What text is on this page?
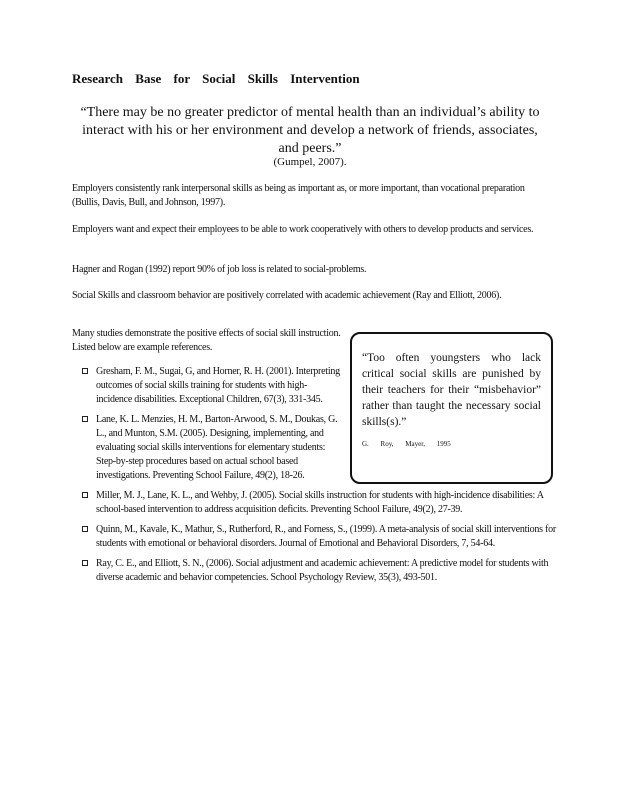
Research Base for Social Skills Intervention
“There may be no greater predictor of mental health than an individual’s ability to interact with his or her environment and develop a network of friends, associates, and peers.”
(Gumpel, 2007).
Employers consistently rank interpersonal skills as being as important as, or more important, than vocational preparation (Bullis, Davis, Bull, and Johnson, 1997).
Employers want and expect their employees to be able to work cooperatively with others to develop products and services.
Hagner and Rogan (1992) report 90% of job loss is related to social-problems.
Social Skills and classroom behavior are positively correlated with academic achievement (Ray and Elliott, 2006).
Many studies demonstrate the positive effects of social skill instruction. Listed below are example references.
Gresham, F. M., Sugai, G, and Horner, R. H. (2001). Interpreting outcomes of social skills training for students with high-incidence disabilities. Exceptional Children, 67(3), 331-345.
Lane, K. L. Menzies, H. M., Barton-Arwood, S. M., Doukas, G. L., and Munton, S.M. (2005). Designing, implementing, and evaluating social skills interventions for elementary students: Step-by-step procedures based on actual school based investigations. Preventing School Failure, 49(2), 18-26.
Miller, M. J., Lane, K. L., and Wehby, J. (2005). Social skills instruction for students with high-incidence disabilities: A school-based intervention to address acquisition deficits. Preventing School Failure, 49(2), 27-39.
Quinn, M., Kavale, K., Mathur, S., Rutherford, R., and Forness, S., (1999). A meta-analysis of social skill interventions for students with emotional or behavioral disorders. Journal of Emotional and Behavioral Disorders, 7, 54-64.
Ray, C. E., and Elliott, S. N., (2006). Social adjustment and academic achievement: A predictive model for students with diverse academic and behavior competencies. School Psychology Review, 35(3), 493-501.
“Too often youngsters who lack critical social skills are punished by their teachers for their “misbehavior” rather than taught the necessary social skills(s).”
G. Roy, Mayer, 1995
